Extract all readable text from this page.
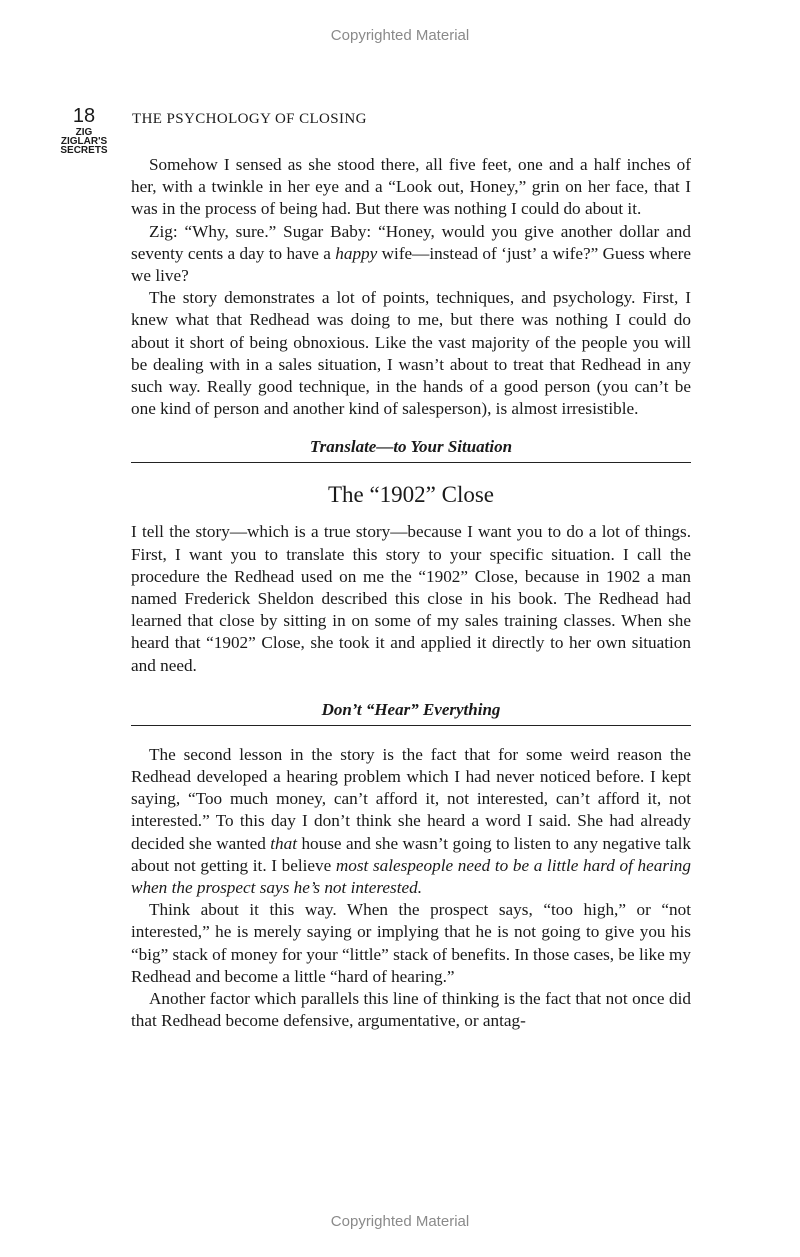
Copyrighted Material
18
ZIG
ZIGLAR'S
SECRETS
THE PSYCHOLOGY OF CLOSING

Somehow I sensed as she stood there, all five feet, one and a half inches of her, with a twinkle in her eye and a “Look out, Honey,” grin on her face, that I was in the process of being had. But there was nothing I could do about it.

Zig: “Why, sure.” Sugar Baby: “Honey, would you give another dollar and seventy cents a day to have a happy wife—instead of ‘just’ a wife?” Guess where we live?

The story demonstrates a lot of points, techniques, and psychology. First, I knew what that Redhead was doing to me, but there was nothing I could do about it short of being obnoxious. Like the vast majority of the people you will be dealing with in a sales situation, I wasn’t about to treat that Redhead in any such way. Really good technique, in the hands of a good person (you can’t be one kind of person and another kind of salesperson), is almost irresistible.

Translate—to Your Situation
The “1902” Close

I tell the story—which is a true story—because I want you to do a lot of things. First, I want you to translate this story to your specific situation. I call the procedure the Redhead used on me the “1902” Close, because in 1902 a man named Frederick Sheldon described this close in his book. The Redhead had learned that close by sitting in on some of my sales training classes. When she heard that “1902” Close, she took it and applied it directly to her own situation and need.

Don’t “Hear” Everything

The second lesson in the story is the fact that for some weird reason the Redhead developed a hearing problem which I had never noticed before. I kept saying, “Too much money, can’t afford it, not interested, can’t afford it, not interested.” To this day I don’t think she heard a word I said. She had already decided she wanted that house and she wasn’t going to listen to any negative talk about not getting it. I believe most salespeople need to be a little hard of hearing when the prospect says he’s not interested.

Think about it this way. When the prospect says, “too high,” or “not interested,” he is merely saying or implying that he is not going to give you his “big” stack of money for your “little” stack of benefits. In those cases, be like my Redhead and become a little “hard of hearing.”

Another factor which parallels this line of thinking is the fact that not once did that Redhead become defensive, argumentative, or antag-

Copyrighted Material
